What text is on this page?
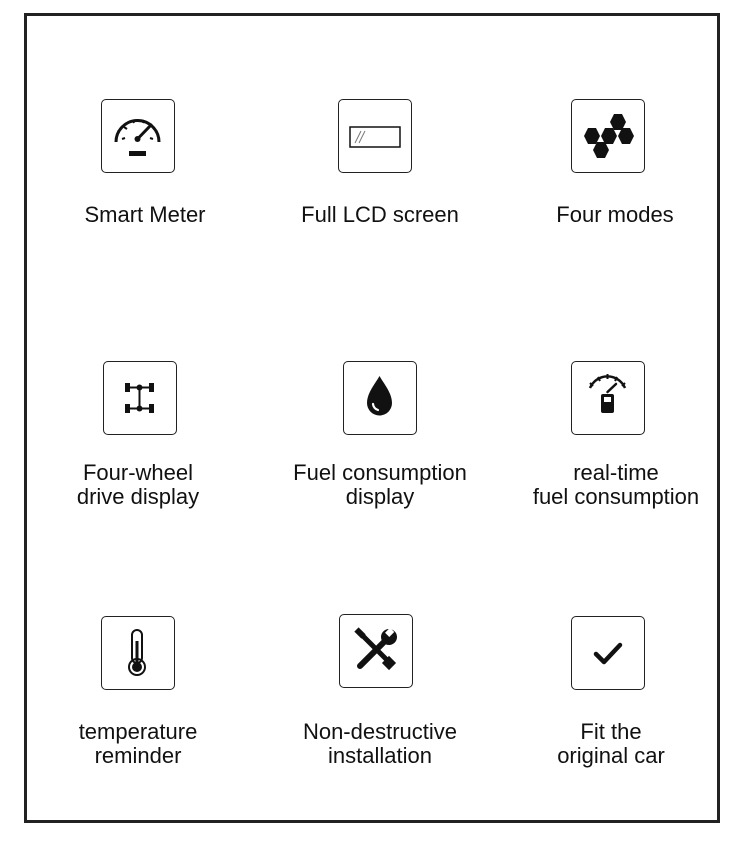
Smart Meter	Full LCD screen	Four modes
Four-wheel
drive display
Fuel consumption
display
real-time
fuel consumption
temperature
reminder
Non-destructive
installation
Fit the
original car
